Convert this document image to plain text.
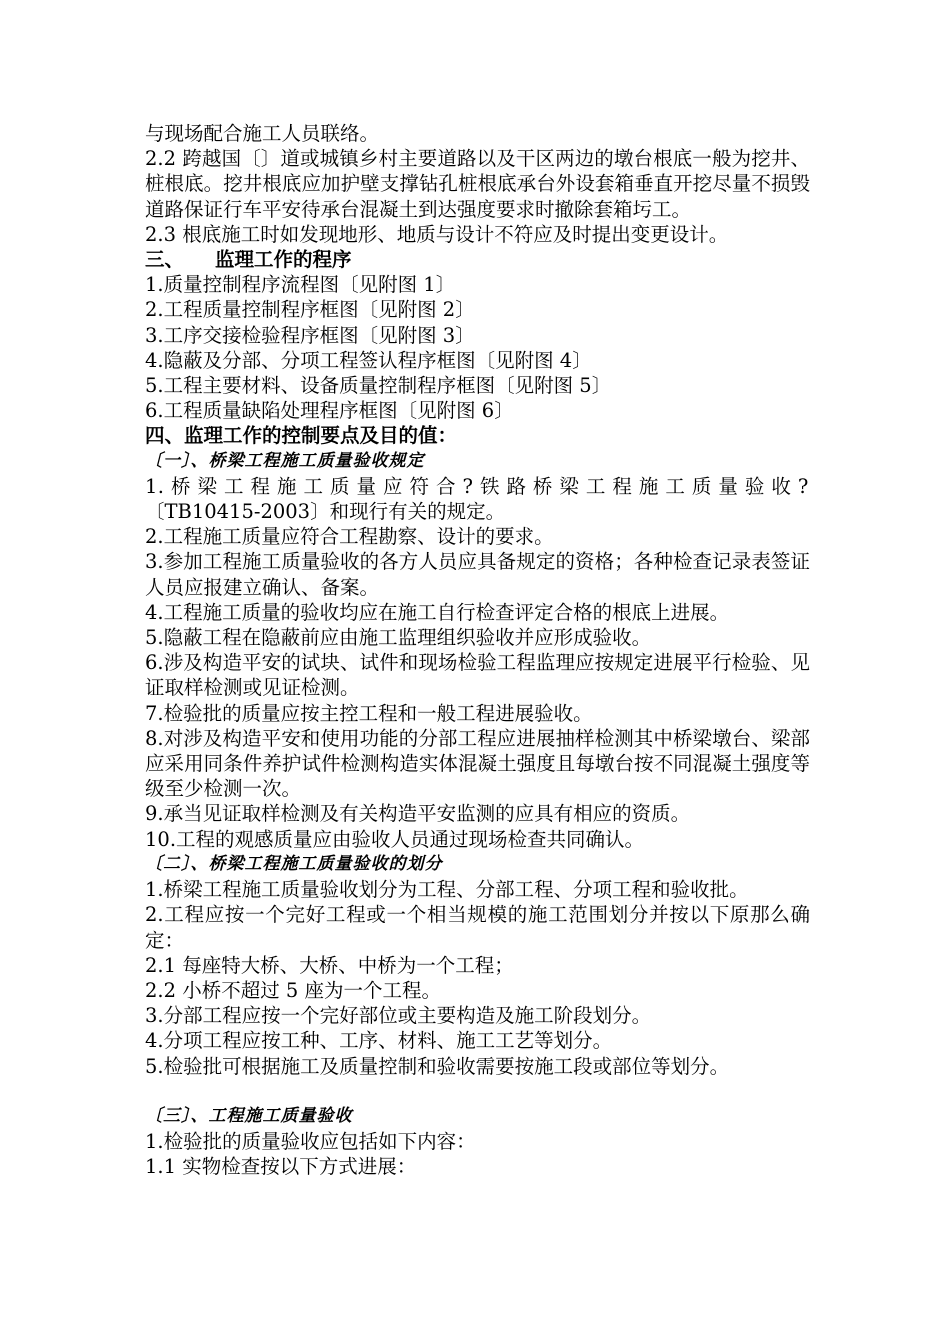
与现场配合施工人员联络。

2.2 跨越国〔〕道或城镇乡村主要道路以及干区两边的墩台根底一般为挖井、桩根底。挖井根底应加护壁支撑钻孔桩根底承台外设套箱垂直开挖尽量不损毁道路保证行车平安待承台混凝土到达强度要求时撤除套箱圬工。

2.3 根底施工时如发现地形、地质与设计不符应及时提出变更设计。
三、 监理工作的程序
1.质量控制程序流程图〔见附图 1〕
2.工程质量控制程序框图〔见附图 2〕
3.工序交接检验程序框图〔见附图 3〕
4.隐蔽及分部、分项工程签认程序框图〔见附图 4〕
5.工程主要材料、设备质量控制程序框图〔见附图 5〕
6.工程质量缺陷处理程序框图〔见附图 6〕
四、监理工作的控制要点及目的值：
〔一〕、桥梁工程施工质量验收规定
1. 桥 梁 工 程 施 工 质 量 应 符 合 ? 铁 路 桥 梁 工 程 施 工 质 量 验 收 ?
〔TB10415-2003〕和现行有关的规定。
2.工程施工质量应符合工程勘察、设计的要求。

3.参加工程施工质量验收的各方人员应具备规定的资格；各种检查记录表签证人员应报建立确认、备案。

4.工程施工质量的验收均应在施工自行检查评定合格的根底上进展。
5.隐蔽工程在隐蔽前应由施工监理组织验收并应形成验收。

6.涉及构造平安的试块、试件和现场检验工程监理应按规定进展平行检验、见证取样检测或见证检测。

7.检验批的质量应按主控工程和一般工程进展验收。

8.对涉及构造平安和使用功能的分部工程应进展抽样检测其中桥梁墩台、梁部应采用同条件养护试件检测构造实体混凝土强度且每墩台按不同混凝土强度等级至少检测一次。

9.承当见证取样检测及有关构造平安监测的应具有相应的资质。
10.工程的观感质量应由验收人员通过现场检查共同确认。
〔二〕、桥梁工程施工质量验收的划分

1.桥梁工程施工质量验收划分为工程、分部工程、分项工程和验收批。

2.工程应按一个完好工程或一个相当规模的施工范围划分并按以下原那么确定：

2.1 每座特大桥、大桥、中桥为一个工程；
2.2 小桥不超过 5 座为一个工程。
3.分部工程应按一个完好部位或主要构造及施工阶段划分。
4.分项工程应按工种、工序、材料、施工工艺等划分。
5.检验批可根据施工及质量控制和验收需要按施工段或部位等划分。
〔三〕、工程施工质量验收
1.检验批的质量验收应包括如下内容：
1.1 实物检查按以下方式进展：
